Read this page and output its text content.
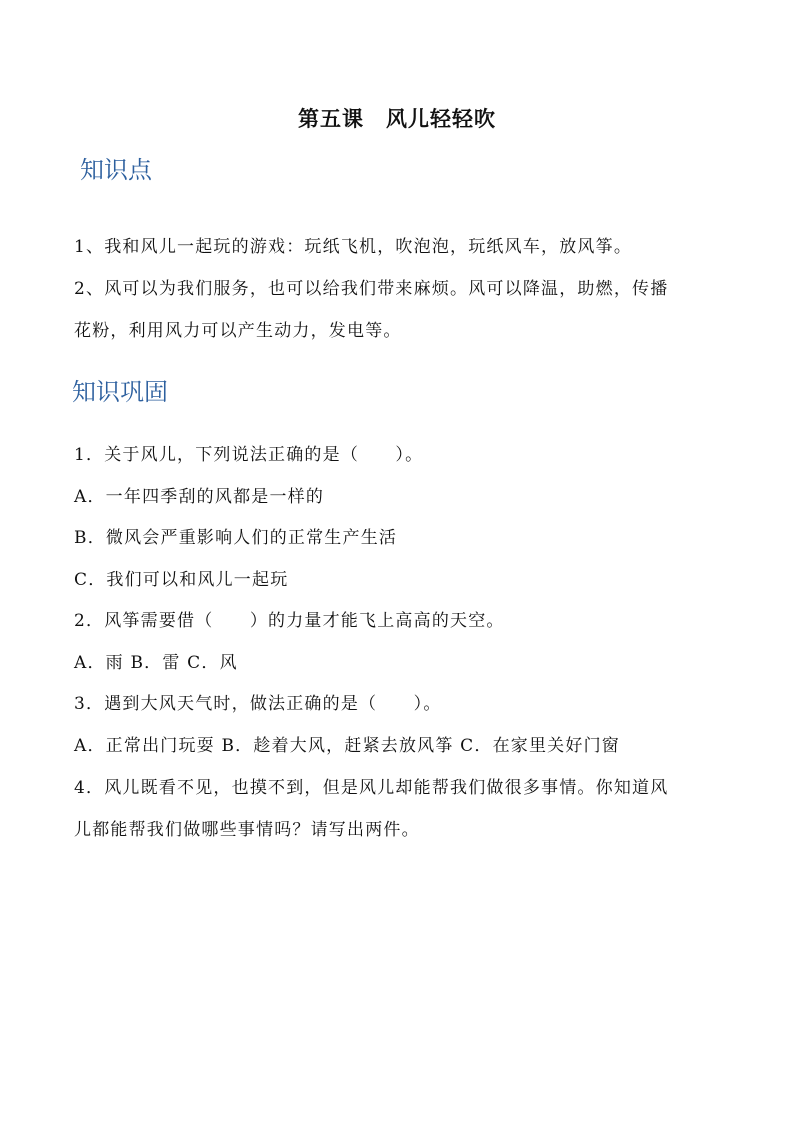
第五课　风儿轻轻吹
知识点
1、我和风儿一起玩的游戏：玩纸飞机，吹泡泡，玩纸风车，放风筝。
2、风可以为我们服务，也可以给我们带来麻烦。风可以降温，助燃，传播
花粉，利用风力可以产生动力，发电等。
知识巩固
1．关于风儿，下列说法正确的是（　　）。
A．一年四季刮的风都是一样的
B．微风会严重影响人们的正常生产生活
C．我们可以和风儿一起玩
2．风筝需要借（　　）的力量才能飞上高高的天空。
A．雨 B．雷 C．风
3．遇到大风天气时，做法正确的是（　　）。
A．正常出门玩耍 B．趁着大风，赶紧去放风筝 C．在家里关好门窗
4．风儿既看不见，也摸不到，但是风儿却能帮我们做很多事情。你知道风
儿都能帮我们做哪些事情吗？请写出两件。
